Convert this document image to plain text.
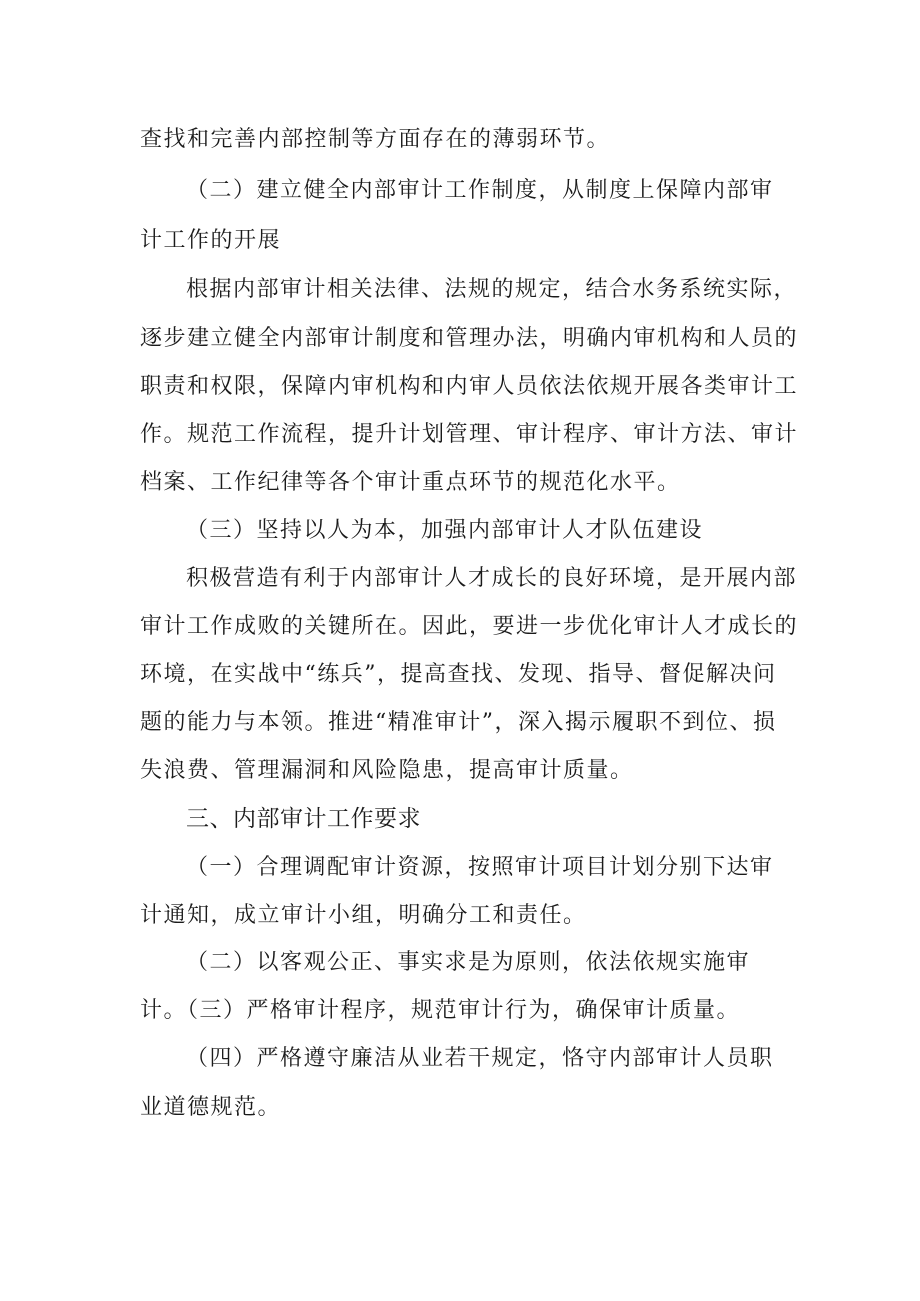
查找和完善内部控制等方面存在的薄弱环节。
（二）建立健全内部审计工作制度，从制度上保障内部审
计工作的开展
根据内部审计相关法律、法规的规定，结合水务系统实际，
逐步建立健全内部审计制度和管理办法，明确内审机构和人员的
职责和权限，保障内审机构和内审人员依法依规开展各类审计工
作。规范工作流程，提升计划管理、审计程序、审计方法、审计
档案、工作纪律等各个审计重点环节的规范化水平。
（三）坚持以人为本，加强内部审计人才队伍建设
积极营造有利于内部审计人才成长的良好环境，是开展内部
审计工作成败的关键所在。因此，要进一步优化审计人才成长的
环境，在实战中“练兵”，提高查找、发现、指导、督促解决问
题的能力与本领。推进“精准审计”，深入揭示履职不到位、损
失浪费、管理漏洞和风险隐患，提高审计质量。
三、内部审计工作要求
（一）合理调配审计资源，按照审计项目计划分别下达审
计通知，成立审计小组，明确分工和责任。
（二）以客观公正、事实求是为原则，依法依规实施审
计。（三）严格审计程序，规范审计行为，确保审计质量。
（四）严格遵守廉洁从业若干规定，恪守内部审计人员职
业道德规范。
